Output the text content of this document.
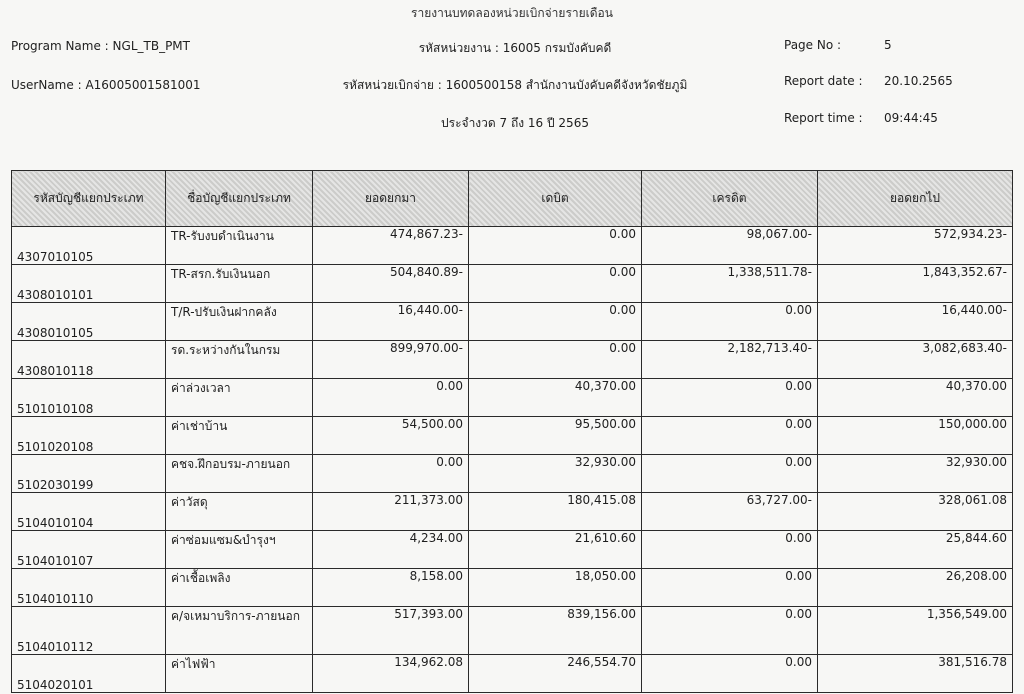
รายงานบทดลองหน่วยเบิกจ่ายรายเดือน
Program Name : NGL_TB_PMT
UserName : A16005001581001
รหัสหน่วยงาน : 16005 กรมบังคับคดี
รหัสหน่วยเบิกจ่าย : 1600500158 สำนักงานบังคับคดีจังหวัดชัยภูมิ
ประจำงวด 7 ถึง 16 ปี 2565
Page No :	5
Report date : 20.10.2565
Report time : 09:44:45
รหัสบัญชีแยกประเภท	ชื่อบัญชีแยกประเภท	ยอดยกมา	เดบิต	เครดิต	ยอดยกไป
4307010105	TR-รับงบดำเนินงาน	474,867.23-	0.00	98,067.00-	572,934.23-
4308010101	TR-สรก.รับเงินนอก	504,840.89-	0.00	1,338,511.78-	1,843,352.67-
4308010105	T/R-ปรับเงินฝากคลัง	16,440.00-	0.00	0.00	16,440.00-
4308010118	รด.ระหว่างกันในกรม	899,970.00-	0.00	2,182,713.40-	3,082,683.40-
5101010108	ค่าล่วงเวลา	0.00	40,370.00	0.00	40,370.00
5101020108	ค่าเช่าบ้าน	54,500.00	95,500.00	0.00	150,000.00
5102030199	คชจ.ฝึกอบรม-ภายนอก	0.00	32,930.00	0.00	32,930.00
5104010104	ค่าวัสดุ	211,373.00	180,415.08	63,727.00-	328,061.08
5104010107	ค่าซ่อมแซม&บำรุงฯ	4,234.00	21,610.60	0.00	25,844.60
5104010110	ค่าเชื้อเพลิง	8,158.00	18,050.00	0.00	26,208.00
5104010112	ค/จเหมาบริการ-ภายนอก	517,393.00	839,156.00	0.00	1,356,549.00
5104020101	ค่าไฟฟ้า	134,962.08	246,554.70	0.00	381,516.78
